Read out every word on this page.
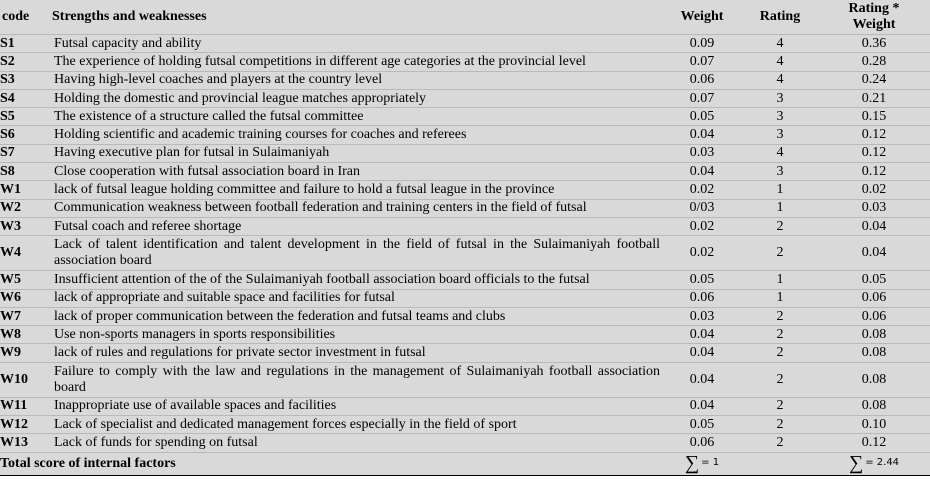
code	Strengths and weaknesses	Weight	Rating	Rating *
Weight
S1	Futsal capacity and ability	0.09	4	0.36
S2	The experience of holding futsal competitions in different age categories at the provincial level	0.07	4	0.28
S3	Having high-level coaches and players at the country level	0.06	4	0.24
S4	Holding the domestic and provincial league matches appropriately	0.07	3	0.21
S5	The existence of a structure called the futsal committee	0.05	3	0.15
S6	Holding scientific and academic training courses for coaches and referees	0.04	3	0.12
S7	Having executive plan for futsal in Sulaimaniyah	0.03	4	0.12
S8	Close cooperation with futsal association board in Iran	0.04	3	0.12
W1	lack of futsal league holding committee and failure to hold a futsal league in the province	0.02	1	0.02
W2	Communication weakness between football federation and training centers in the field of futsal	0/03	1	0.03
W3	Futsal coach and referee shortage	0.02	2	0.04
W4	Lack of talent identification and talent development in the field of futsal in the Sulaimaniyah football association board	0.02	2	0.04
W5	Insufficient attention of the of the Sulaimaniyah football association board officials to the futsal	0.05	1	0.05
W6	lack of appropriate and suitable space and facilities for futsal	0.06	1	0.06
W7	lack of proper communication between the federation and futsal teams and clubs	0.03	2	0.06
W8	Use non-sports managers in sports responsibilities	0.04	2	0.08
W9	lack of rules and regulations for private sector investment in futsal	0.04	2	0.08
W10	Failure to comply with the law and regulations in the management of Sulaimaniyah football association board	0.04	2	0.08
W11	Inappropriate use of available spaces and facilities	0.04	2	0.08
W12	Lack of specialist and dedicated management forces especially in the field of sport	0.05	2	0.10
W13	Lack of funds for spending on futsal	0.06	2	0.12
Total score of internal factors		∑ = 1		∑ = 2.44
